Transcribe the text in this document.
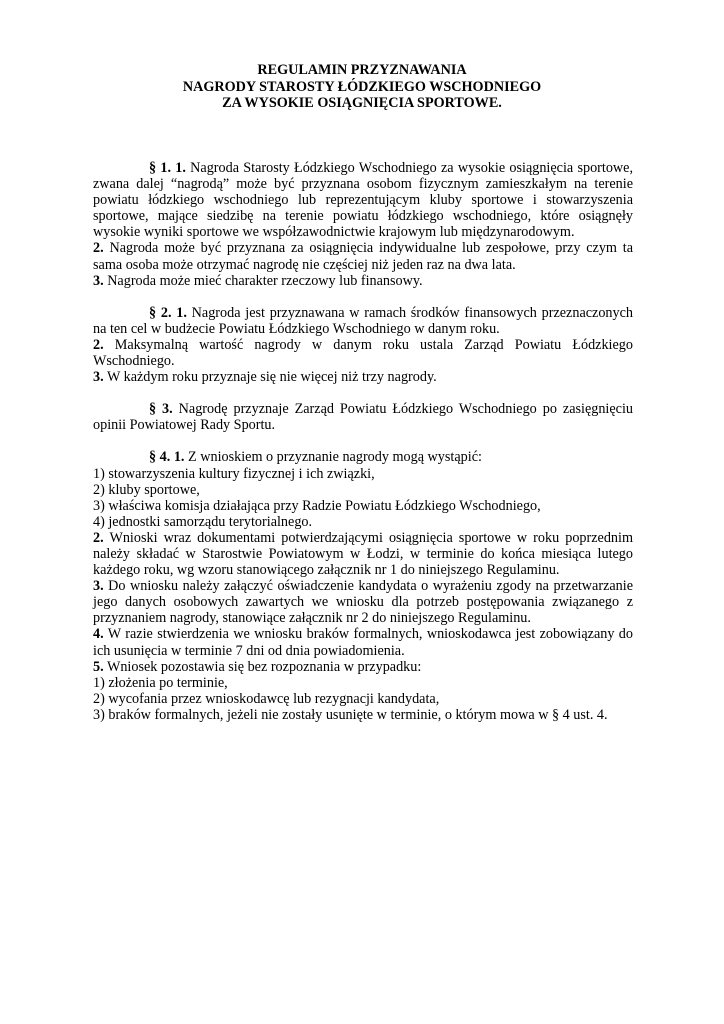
REGULAMIN PRZYZNAWANIA
NAGRODY STAROSTY ŁÓDZKIEGO WSCHODNIEGO
ZA WYSOKIE OSIĄGNIĘCIA SPORTOWE.

§ 1. 1. Nagroda Starosty Łódzkiego Wschodniego za wysokie osiągnięcia sportowe, zwana dalej “nagrodą” może być przyznana osobom fizycznym zamieszkałym na terenie powiatu łódzkiego wschodniego lub reprezentującym kluby sportowe i stowarzyszenia sportowe, mające siedzibę na terenie powiatu łódzkiego wschodniego, które osiągnęły wysokie wyniki sportowe we współzawodnictwie krajowym lub międzynarodowym.

2. Nagroda może być przyznana za osiągnięcia indywidualne lub zespołowe, przy czym ta sama osoba może otrzymać nagrodę nie częściej niż jeden raz na dwa lata.

3. Nagroda może mieć charakter rzeczowy lub finansowy.

§ 2. 1. Nagroda jest przyznawana w ramach środków finansowych przeznaczonych na ten cel w budżecie Powiatu Łódzkiego Wschodniego w danym roku.

2. Maksymalną wartość nagrody w danym roku ustala Zarząd Powiatu Łódzkiego Wschodniego.

3. W każdym roku przyznaje się nie więcej niż trzy nagrody.

§ 3. Nagrodę przyznaje Zarząd Powiatu Łódzkiego Wschodniego po zasięgnięciu opinii Powiatowej Rady Sportu.

§ 4. 1. Z wnioskiem o przyznanie nagrody mogą wystąpić:

1) stowarzyszenia kultury fizycznej i ich związki,

2) kluby sportowe,

3) właściwa komisja działająca przy Radzie Powiatu Łódzkiego Wschodniego,

4) jednostki samorządu terytorialnego.

2. Wnioski wraz dokumentami potwierdzającymi osiągnięcia sportowe w roku poprzednim należy składać w Starostwie Powiatowym w Łodzi, w terminie do końca miesiąca lutego każdego roku, wg wzoru stanowiącego załącznik nr 1 do niniejszego Regulaminu.

3. Do wniosku należy załączyć oświadczenie kandydata o wyrażeniu zgody na przetwarzanie jego danych osobowych zawartych we wniosku dla potrzeb postępowania związanego z przyznaniem nagrody, stanowiące załącznik nr 2 do niniejszego Regulaminu.

4. W razie stwierdzenia we wniosku braków formalnych, wnioskodawca jest zobowiązany do ich usunięcia w terminie 7 dni od dnia powiadomienia.

5. Wniosek pozostawia się bez rozpoznania w przypadku:

1) złożenia po terminie,

2) wycofania przez wnioskodawcę lub rezygnacji kandydata,

3) braków formalnych, jeżeli nie zostały usunięte w terminie, o którym mowa w § 4 ust. 4.
